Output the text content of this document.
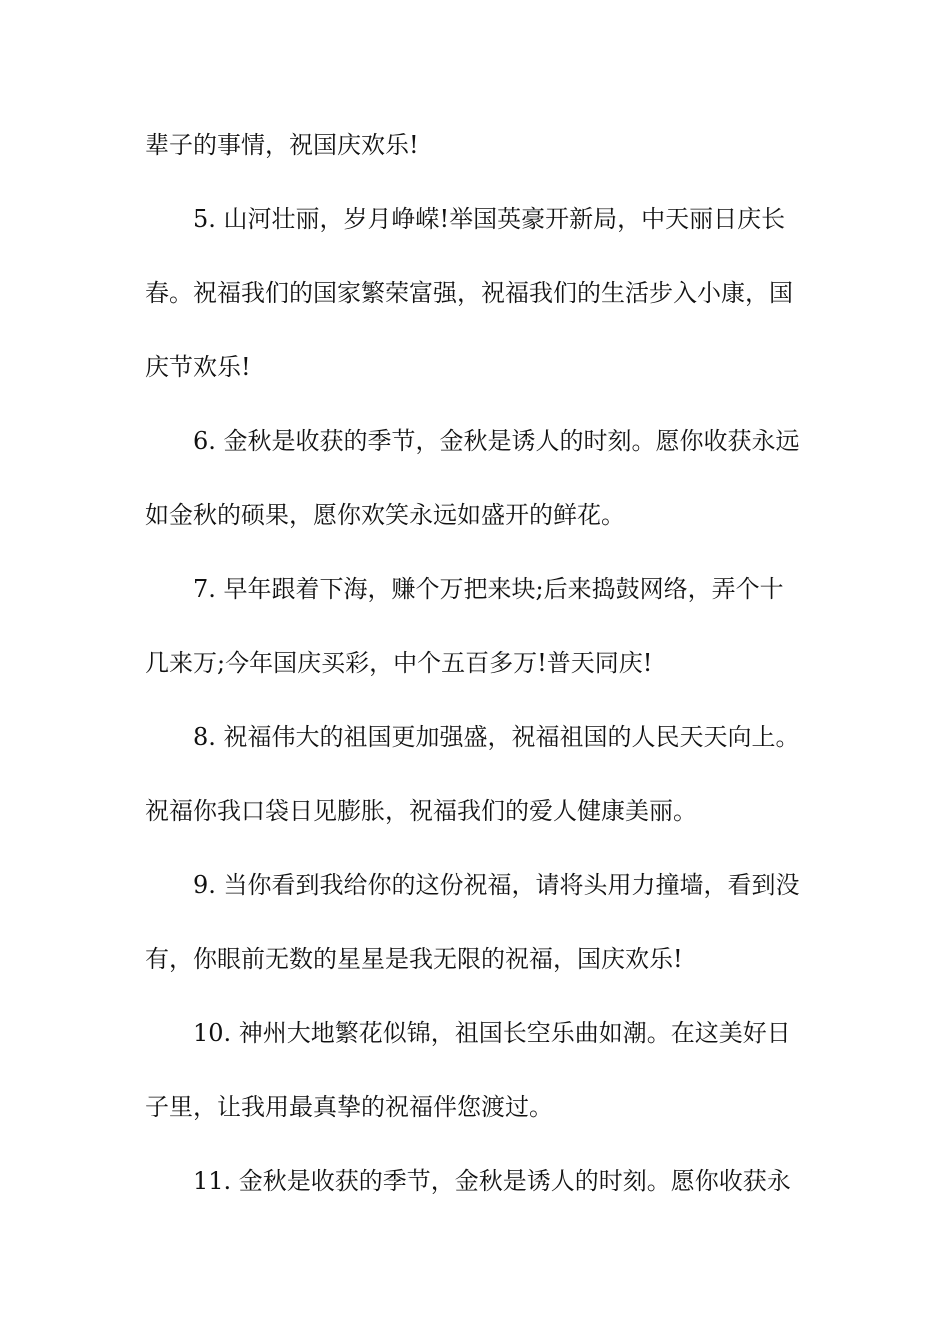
辈子的事情，祝国庆欢乐!
5. 山河壮丽，岁月峥嵘!举国英豪开新局，中天丽日庆长
春。祝福我们的国家繁荣富强，祝福我们的生活步入小康，国
庆节欢乐!
6. 金秋是收获的季节，金秋是诱人的时刻。愿你收获永远
如金秋的硕果，愿你欢笑永远如盛开的鲜花。
7. 早年跟着下海，赚个万把来块;后来捣鼓网络，弄个十
几来万;今年国庆买彩，中个五百多万!普天同庆!
8. 祝福伟大的祖国更加强盛，祝福祖国的人民天天向上。
祝福你我口袋日见膨胀，祝福我们的爱人健康美丽。
9. 当你看到我给你的这份祝福，请将头用力撞墙，看到没
有，你眼前无数的星星是我无限的祝福，国庆欢乐!
10. 神州大地繁花似锦，祖国长空乐曲如潮。在这美好日
子里，让我用最真挚的祝福伴您渡过。
11. 金秋是收获的季节，金秋是诱人的时刻。愿你收获永
